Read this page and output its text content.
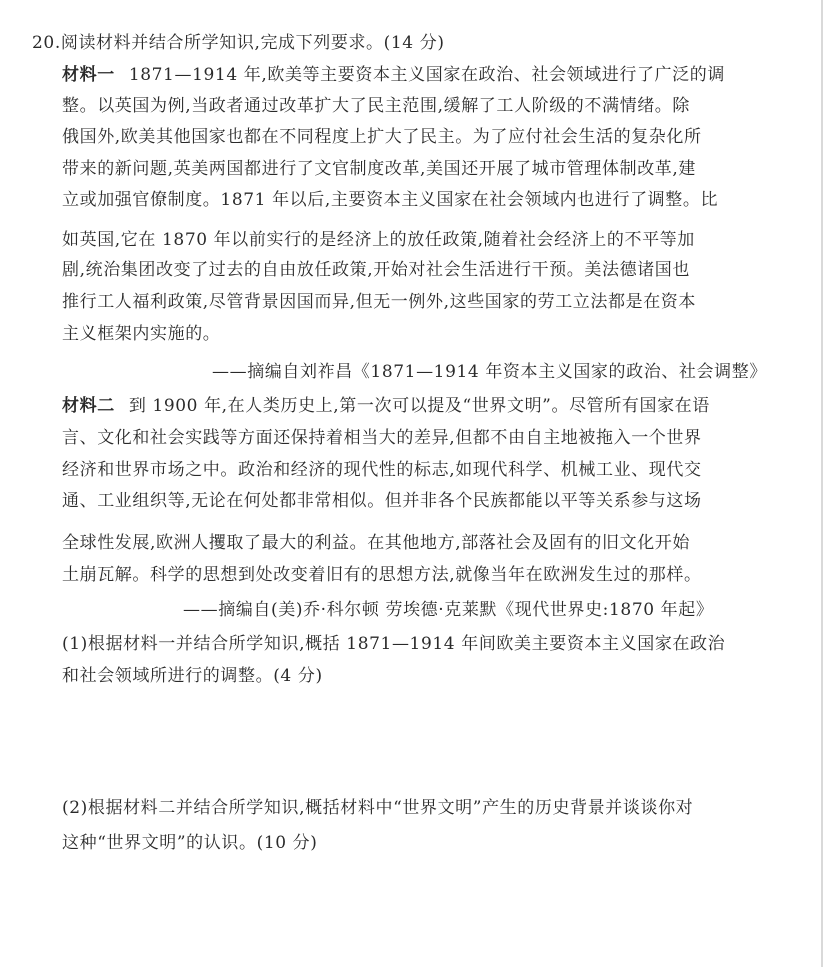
20.阅读材料并结合所学知识,完成下列要求。(14 分)
材料一 1871—1914 年,欧美等主要资本主义国家在政治、社会领域进行了广泛的调
整。以英国为例,当政者通过改革扩大了民主范围,缓解了工人阶级的不满情绪。除
俄国外,欧美其他国家也都在不同程度上扩大了民主。为了应付社会生活的复杂化所
带来的新问题,英美两国都进行了文官制度改革,美国还开展了城市管理体制改革,建
立或加强官僚制度。1871 年以后,主要资本主义国家在社会领域内也进行了调整。比
如英国,它在 1870 年以前实行的是经济上的放任政策,随着社会经济上的不平等加
剧,统治集团改变了过去的自由放任政策,开始对社会生活进行干预。美法德诸国也
推行工人福利政策,尽管背景因国而异,但无一例外,这些国家的劳工立法都是在资本
主义框架内实施的。
——摘编自刘祚昌《1871—1914 年资本主义国家的政治、社会调整》
材料二 到 1900 年,在人类历史上,第一次可以提及“世界文明”。尽管所有国家在语
言、文化和社会实践等方面还保持着相当大的差异,但都不由自主地被拖入一个世界
经济和世界市场之中。政治和经济的现代性的标志,如现代科学、机械工业、现代交
通、工业组织等,无论在何处都非常相似。但并非各个民族都能以平等关系参与这场
全球性发展,欧洲人攫取了最大的利益。在其他地方,部落社会及固有的旧文化开始
土崩瓦解。科学的思想到处改变着旧有的思想方法,就像当年在欧洲发生过的那样。
——摘编自(美)乔·科尔顿 劳埃德·克莱默《现代世界史:1870 年起》
(1)根据材料一并结合所学知识,概括 1871—1914 年间欧美主要资本主义国家在政治
和社会领域所进行的调整。(4 分)
(2)根据材料二并结合所学知识,概括材料中“世界文明”产生的历史背景并谈谈你对
这种“世界文明”的认识。(10 分)
